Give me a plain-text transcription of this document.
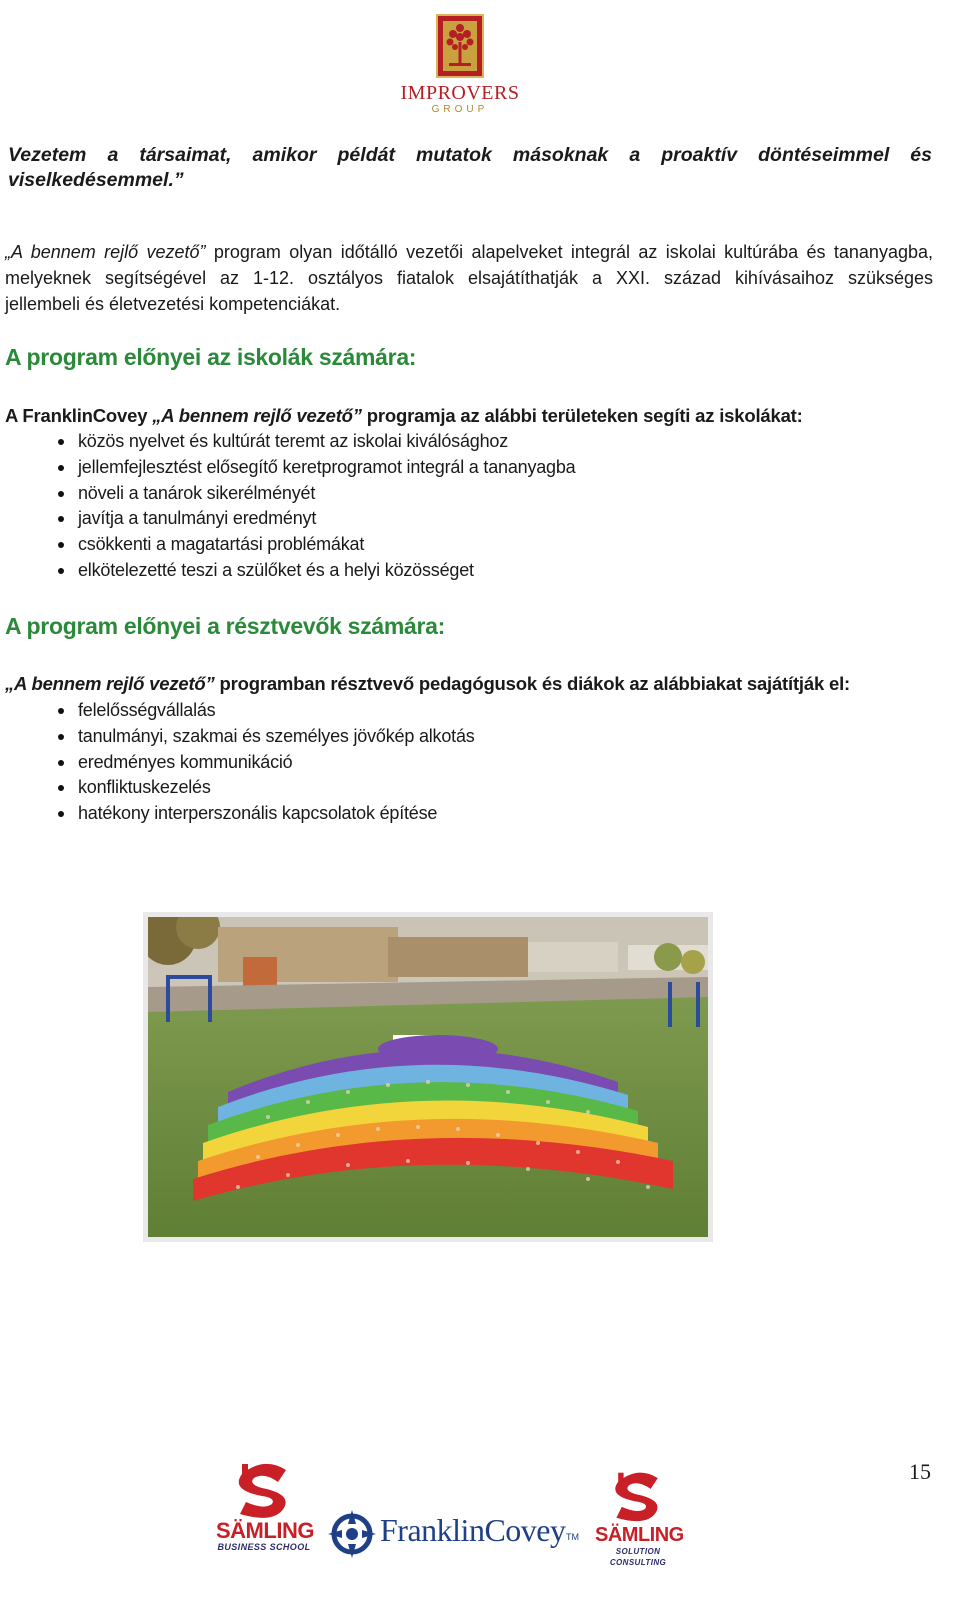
IMPROVERS
GROUP
Vezetem a társaimat, amikor példát mutatok másoknak a proaktív döntéseimmel és
viselkedésemmel.”
„A bennem rejlő vezető” program olyan időtálló vezetői alapelveket integrál az iskolai kultúrába és tananyagba,
melyeknek segítségével az 1-12. osztályos fiatalok elsajátíthatják a XXI. század kihívásaihoz szükséges
jellembeli és életvezetési kompetenciákat.
A program előnyei az iskolák számára:
A FranklinCovey „A bennem rejlő vezető” programja az alábbi területeken segíti az iskolákat:
közös nyelvet és kultúrát teremt az iskolai kiválósághoz
jellemfejlesztést elősegítő keretprogramot integrál a tananyagba
növeli a tanárok sikerélményét
javítja a tanulmányi eredményt
csökkenti a magatartási problémákat
elkötelezetté teszi a szülőket és a helyi közösséget
A program előnyei a résztvevők számára:
„A bennem rejlő vezető” programban résztvevő pedagógusok és diákok az alábbiakat sajátítják el:
felelősségvállalás
tanulmányi, szakmai és személyes jövőkép alkotás
eredményes kommunikáció
konfliktuskezelés
hatékony interperszonális kapcsolatok építése
15
SÄMLING
BUSINESS SCHOOL FranklinCovey TM SÄMLING
SOLUTION CONSULTING
